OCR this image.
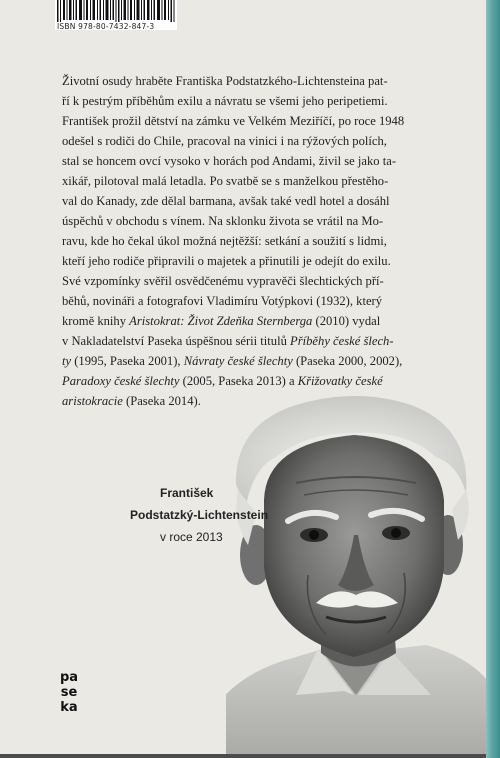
ISBN 978-80-7432-847-3
Životní osudy hraběte Františka Podstatzkého-Lichtensteina pat-
ří k pestrým příběhům exilu a návratu se všemi jeho peripetiemi.
František prožil dětství na zámku ve Velkém Meziříčí, po roce 1948
odešel s rodiči do Chile, pracoval na vinici i na rýžových polích,
stal se honcem ovcí vysoko v horách pod Andami, živil se jako ta-
xikář, pilotoval malá letadla. Po svatbě se s manželkou přestěho-
val do Kanady, zde dělal barmana, avšak také vedl hotel a dosáhl
úspěchů v obchodu s vínem. Na sklonku života se vrátil na Mo-
ravu, kde ho čekal úkol možná nejtěžší: setkání a soužití s lidmi,
kteří jeho rodiče připravili o majetek a přinutili je odejít do exilu.
Své vzpomínky svěřil osvědčenému vypravěči šlechtických pří-
běhů, novináři a fotografovi Vladimíru Votýpkovi (1932), který
kromě knihy Aristokrat: Život Zdeňka Sternberga (2010) vydal
v Nakladatelství Paseka úspěšnou sérii titulů Příběhy české šlech-
ty (1995, Paseka 2001), Návraty české šlechty (Paseka 2000, 2002),
Paradoxy české šlechty (2005, Paseka 2013) a Křižovatky české
aristokracie (Paseka 2014).
František
Podstatzký-Lichtenstein
v roce 2013
pa
se
ka
